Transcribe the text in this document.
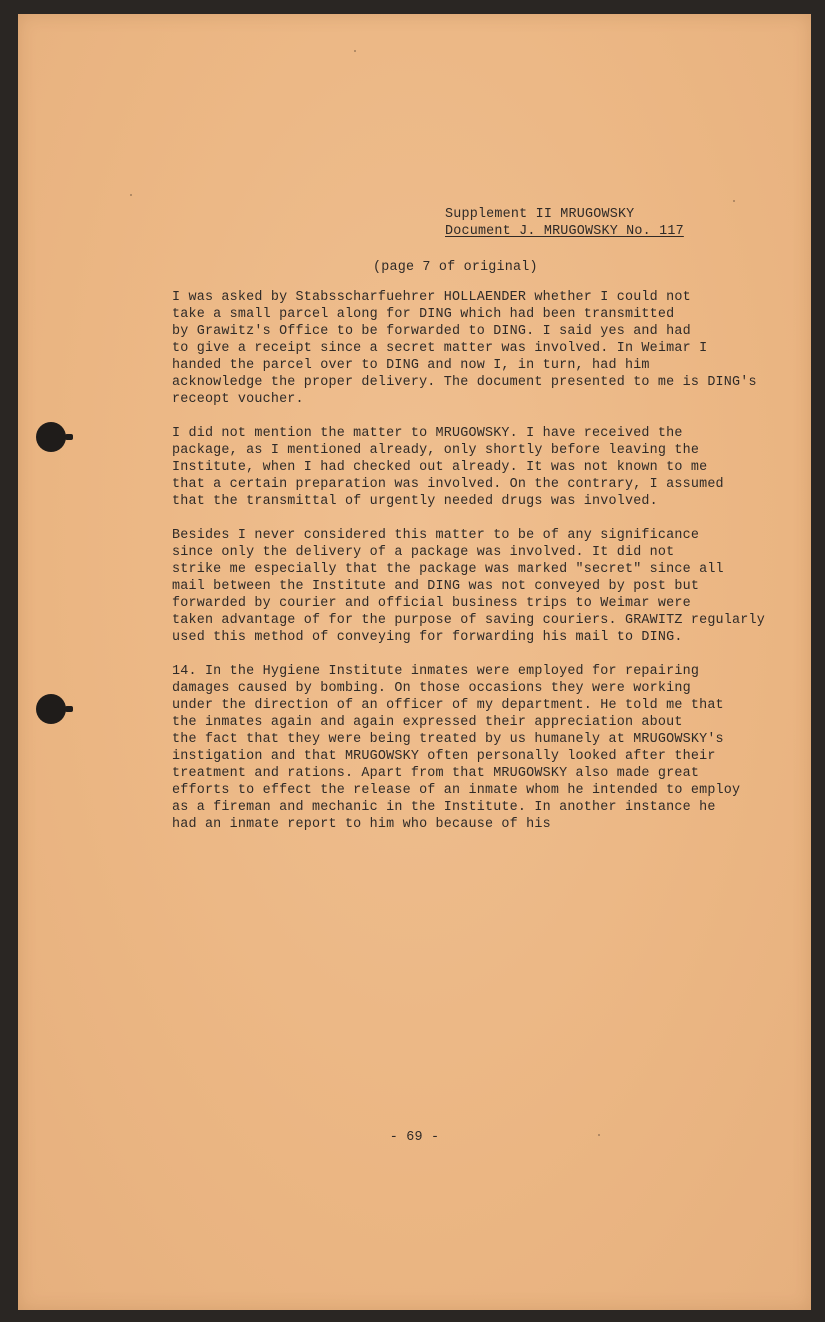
Supplement II MRUGOWSKY
Document J. MRUGOWSKY No. 117
(page 7 of original)

I was asked by Stabsscharfuehrer HOLLAENDER whether I could not
take a small parcel along for DING which had been transmitted
by Grawitz's Office to be forwarded to DING. I said yes and had
to give a receipt since a secret matter was involved. In Weimar I
handed the parcel over to DING and now I, in turn, had him
acknowledge the proper delivery. The document presented to me is DING's
receopt voucher.

I did not mention the matter to MRUGOWSKY. I have received the
package, as I mentioned already, only shortly before leaving the
Institute, when I had checked out already. It was not known to me
that a certain preparation was involved. On the contrary, I assumed
that the transmittal of urgently needed drugs was involved.

Besides I never considered this matter to be of any significance
since only the delivery of a package was involved. It did not
strike me especially that the package was marked "secret" since all
mail between the Institute and DING was not conveyed by post but
forwarded by courier and official business trips to Weimar were
taken advantage of for the purpose of saving couriers. GRAWITZ regularly
used this method of conveying for forwarding his mail to DING.

14. In the Hygiene Institute inmates were employed for repairing
damages caused by bombing. On those occasions they were working
under the direction of an officer of my department. He told me that
the inmates again and again expressed their appreciation about
the fact that they were being treated by us humanely at MRUGOWSKY's
instigation and that MRUGOWSKY often personally looked after their
treatment and rations. Apart from that MRUGOWSKY also made great
efforts to effect the release of an inmate whom he intended to employ
as a fireman and mechanic in the Institute. In another instance he
had an inmate report to him who because of his

- 69 -
